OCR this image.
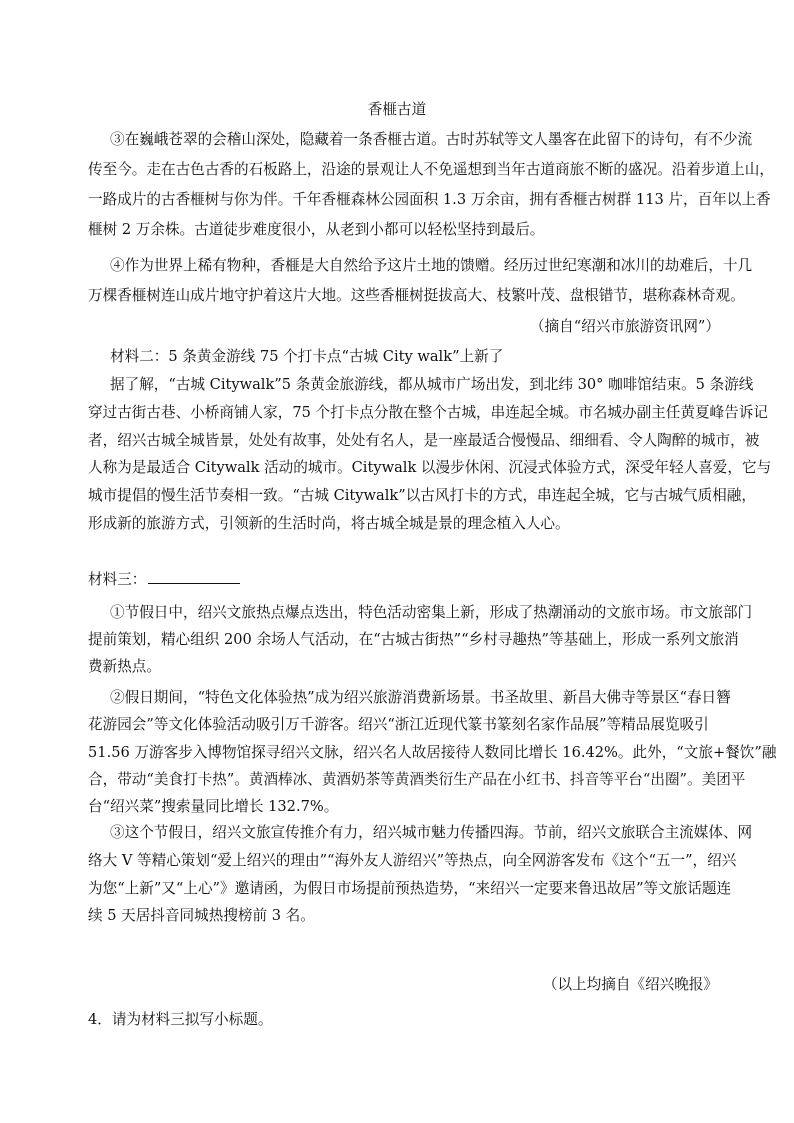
香榧古道
③在巍峨苍翠的会稽山深处，隐藏着一条香榧古道。古时苏轼等文人墨客在此留下的诗句，有不少流
传至今。走在古色古香的石板路上，沿途的景观让人不免遥想到当年古道商旅不断的盛况。沿着步道上山，
一路成片的古香榧树与你为伴。千年香榧森林公园面积 1.3 万余亩，拥有香榧古树群 113 片，百年以上香
榧树 2 万余株。古道徒步难度很小，从老到小都可以轻松坚持到最后。
④作为世界上稀有物种，香榧是大自然给予这片土地的馈赠。经历过世纪寒潮和冰川的劫难后，十几
万棵香榧树连山成片地守护着这片大地。这些香榧树挺拔高大、枝繁叶茂、盘根错节，堪称森林奇观。
（摘自“绍兴市旅游资讯网”）
材料二：5 条黄金游线 75 个打卡点“古城 City walk”上新了
据了解，“古城 Citywalk”5 条黄金旅游线，都从城市广场出发，到北纬 30° 咖啡馆结束。5 条游线
穿过古街古巷、小桥商铺人家，75 个打卡点分散在整个古城，串连起全城。市名城办副主任黄夏峰告诉记
者，绍兴古城全城皆景，处处有故事，处处有名人，是一座最适合慢慢品、细细看、令人陶醉的城市，被
人称为是最适合 Citywalk 活动的城市。Citywalk 以漫步休闲、沉浸式体验方式，深受年轻人喜爱，它与
城市提倡的慢生活节奏相一致。“古城 Citywalk”以古风打卡的方式，串连起全城，它与古城气质相融，
形成新的旅游方式，引领新的生活时尚，将古城全城是景的理念植入人心。
材料三：
①节假日中，绍兴文旅热点爆点迭出，特色活动密集上新，形成了热潮涌动的文旅市场。市文旅部门
提前策划，精心组织 200 余场人气活动，在“古城古街热”“乡村寻趣热”等基础上，形成一系列文旅消
费新热点。
②假日期间，“特色文化体验热”成为绍兴旅游消费新场景。书圣故里、新昌大佛寺等景区“春日簪
花游园会”等文化体验活动吸引万千游客。绍兴“浙江近现代篆书篆刻名家作品展”等精品展览吸引
51.56 万游客步入博物馆探寻绍兴文脉，绍兴名人故居接待人数同比增长 16.42%。此外，“文旅+餐饮”融
合，带动“美食打卡热”。黄酒棒冰、黄酒奶茶等黄酒类衍生产品在小红书、抖音等平台“出圈”。美团平
台“绍兴菜”搜索量同比增长 132.7%。
③这个节假日，绍兴文旅宣传推介有力，绍兴城市魅力传播四海。节前，绍兴文旅联合主流媒体、网
络大 V 等精心策划“爱上绍兴的理由”“海外友人游绍兴”等热点，向全网游客发布《这个“五一”，绍兴
为您“上新”又“上心”》邀请函，为假日市场提前预热造势，“来绍兴一定要来鲁迅故居”等文旅话题连
续 5 天居抖音同城热搜榜前 3 名。
（以上均摘自《绍兴晚报》
4．请为材料三拟写小标题。
